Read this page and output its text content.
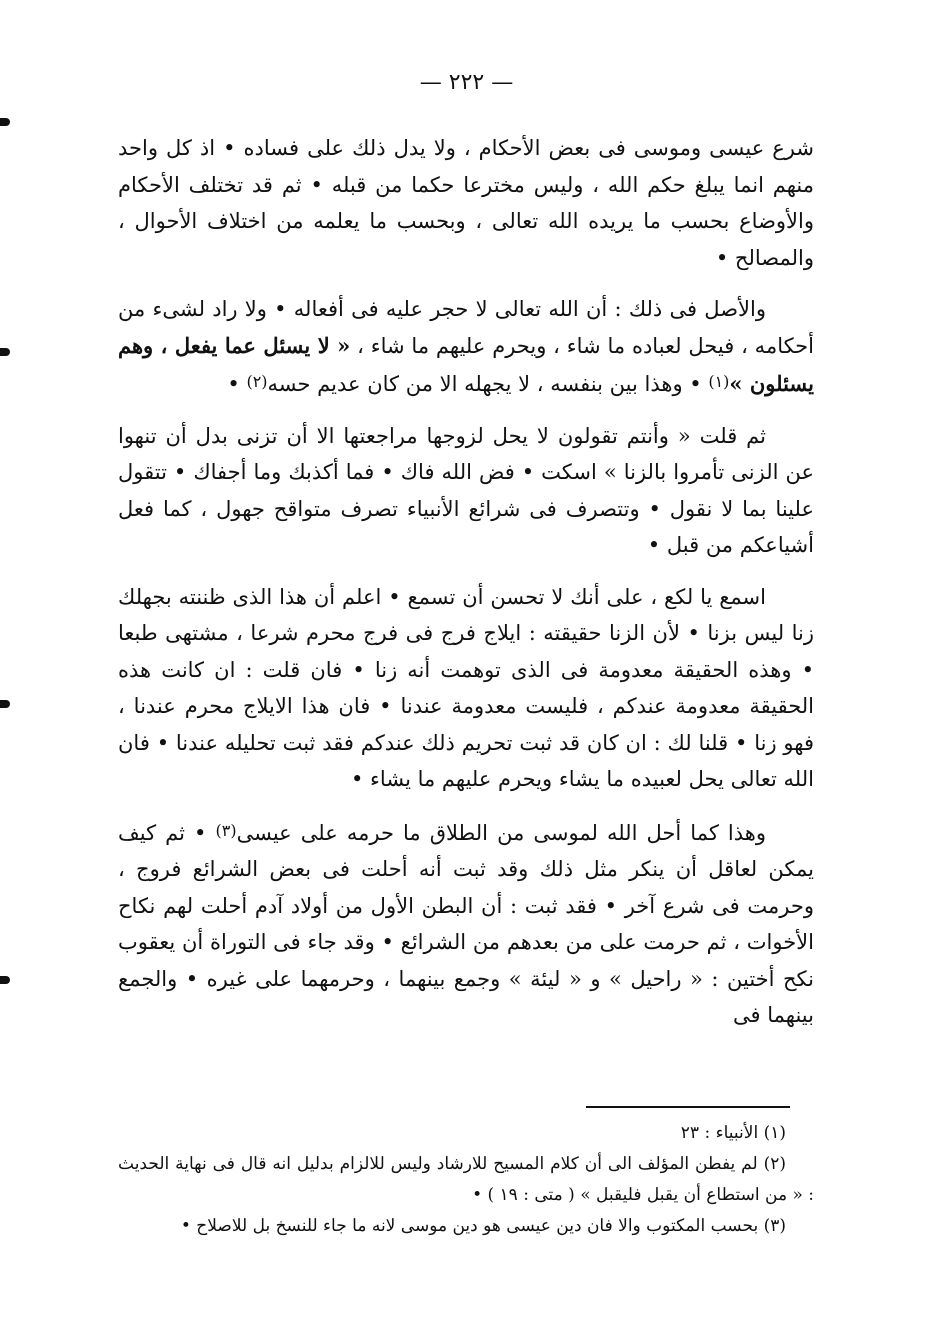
— ٢٢٢ —

شرع عيسى وموسى فى بعض الأحكام ، ولا يدل ذلك على فساده • اذ كل واحد منهم انما يبلغ حكم الله ، وليس مخترعا حكما من قبله • ثم قد تختلف الأحكام والأوضاع بحسب ما يريده الله تعالى ، وبحسب ما يعلمه من اختلاف الأحوال ، والمصالح •

والأصل فى ذلك : أن الله تعالى لا حجر عليه فى أفعاله • ولا راد لشىء من أحكامه ، فيحل لعباده ما شاء ، ويحرم عليهم ما شاء ، « لا يسئل عما يفعل ، وهم يسئلون »(١) • وهذا بين بنفسه ، لا يجهله الا من كان عديم حسه(٢) •

ثم قلت « وأنتم تقولون لا يحل لزوجها مراجعتها الا أن تزنى بدل أن تنهوا عن الزنى تأمروا بالزنا » اسكت • فض الله فاك • فما أكذبك وما أجفاك • تتقول علينا بما لا نقول • وتتصرف فى شرائع الأنبياء تصرف متواقح جهول ، كما فعل أشياعكم من قبل •

اسمع يا لكع ، على أنك لا تحسن أن تسمع • اعلم أن هذا الذى ظننته بجهلك زنا ليس بزنا • لأن الزنا حقيقته : ايلاج فرج فى فرج محرم شرعا ، مشتهى طبعا • وهذه الحقيقة معدومة فى الذى توهمت أنه زنا • فان قلت : ان كانت هذه الحقيقة معدومة عندكم ، فليست معدومة عندنا • فان هذا الايلاج محرم عندنا ، فهو زنا • قلنا لك : ان كان قد ثبت تحريم ذلك عندكم فقد ثبت تحليله عندنا • فان الله تعالى يحل لعبيده ما يشاء ويحرم عليهم ما يشاء •

وهذا كما أحل الله لموسى من الطلاق ما حرمه على عيسى(٣) • ثم كيف يمكن لعاقل أن ينكر مثل ذلك وقد ثبت أنه أحلت فى بعض الشرائع فروج ، وحرمت فى شرع آخر • فقد ثبت : أن البطن الأول من أولاد آدم أحلت لهم نكاح الأخوات ، ثم حرمت على من بعدهم من الشرائع • وقد جاء فى التوراة أن يعقوب نكح أختين : « راحيل » و « ليئة » وجمع بينهما ، وحرمهما على غيره • والجمع بينهما فى

(١) الأنبياء : ٢٣

(٢) لم يفطن المؤلف الى أن كلام المسيح للارشاد وليس للالزام بدليل انه قال فى نهاية الحديث : « من استطاع أن يقبل فليقبل » ( متى : ١٩ ) •

(٣) بحسب المكتوب والا فان دين عيسى هو دين موسى لانه ما جاء للنسخ بل للاصلاح •
